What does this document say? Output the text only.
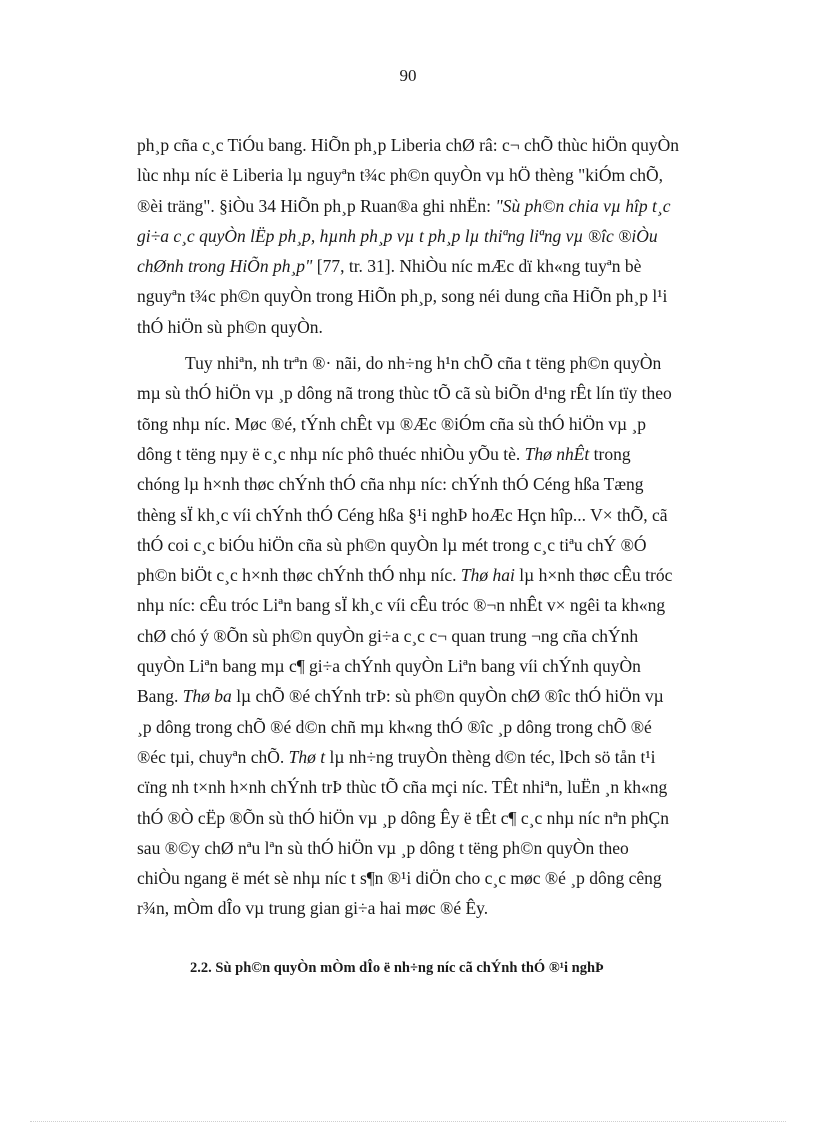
90
ph¸p cña c¸c TiÓu bang. HiÕn ph¸p Liberia chØ râ: c¬ chÕ thùc hiÖn quyÒn
lùc nhµ níc ë Liberia lµ nguyªn t¾c ph©n quyÒn vµ hÖ thèng "kiÓm chÕ,
®èi träng". §iÒu 34 HiÕn ph¸p Ruan®a ghi nhËn: "Sù ph©n chia vµ hîp t¸c
gi÷a c¸c quyÒn lËp ph¸p, hµnh ph¸p vµ t ph¸p lµ thiªng liªng vµ ®îc ®iÒu
chØnh trong HiÕn ph¸p" [77, tr. 31]. NhiÒu níc mÆc dï kh«ng tuyªn bè
nguyªn t¾c ph©n quyÒn trong HiÕn ph¸p, song néi dung cña HiÕn ph¸p l¹i
thÓ hiÖn sù ph©n quyÒn.
Tuy nhiªn, nh trªn ®· nãi, do nh÷ng h¹n chÕ cña t tëng ph©n quyÒn
mµ sù thÓ hiÖn vµ ¸p dông nã trong thùc tÕ cã sù biÕn d¹ng rÊt lín tïy theo
tõng nhµ níc. Møc ®é, tÝnh chÊt vµ ®Æc ®iÓm cña sù thÓ hiÖn vµ ¸p
dông t tëng nµy ë c¸c nhµ níc phô thuéc nhiÒu yÕu tè. Thø nhÊt trong
chóng lµ h×nh thøc chÝnh thÓ cña nhµ níc: chÝnh thÓ Céng hßa Tæng
thèng sÏ kh¸c víi chÝnh thÓ Céng hßa §¹i nghÞ hoÆc Hçn hîp... V× thÕ, cã
thÓ coi c¸c biÓu hiÖn cña sù ph©n quyÒn lµ mét trong c¸c tiªu chÝ ®Ó
ph©n biÖt c¸c h×nh thøc chÝnh thÓ nhµ níc. Thø hai lµ h×nh thøc cÊu tróc
nhµ níc: cÊu tróc Liªn bang sÏ kh¸c víi cÊu tróc ®¬n nhÊt v× ngêi ta kh«ng
chØ chó ý ®Õn sù ph©n quyÒn gi÷a c¸c c¬ quan trung ¬ng cña chÝnh
quyÒn Liªn bang mµ c¶ gi÷a chÝnh quyÒn Liªn bang víi chÝnh quyÒn
Bang. Thø ba lµ chÕ ®é chÝnh trÞ: sù ph©n quyÒn chØ ®îc thÓ hiÖn vµ
¸p dông trong chÕ ®é d©n chñ mµ kh«ng thÓ ®îc ¸p dông trong chÕ ®é
®éc tµi, chuyªn chÕ. Thø t lµ nh÷ng truyÒn thèng d©n téc, lÞch sö tån t¹i
cïng nh t×nh h×nh chÝnh trÞ thùc tÕ cña mçi níc. TÊt nhiªn, luËn ¸n kh«ng
thÓ ®Ò cËp ®Õn sù thÓ hiÖn vµ ¸p dông Êy ë tÊt c¶ c¸c nhµ níc nªn phÇn
sau ®©y chØ nªu lªn sù thÓ hiÖn vµ ¸p dông t tëng ph©n quyÒn theo
chiÒu ngang ë mét sè nhµ níc t s¶n ®¹i diÖn cho c¸c møc ®é ¸p dông cêng
r¾n, mÒm dÎo vµ trung gian gi÷a hai møc ®é Êy.
2.2. Sù ph©n quyÒn mÒm dÎo ë nh÷ng níc cã chÝnh thÓ ®¹i nghÞ
